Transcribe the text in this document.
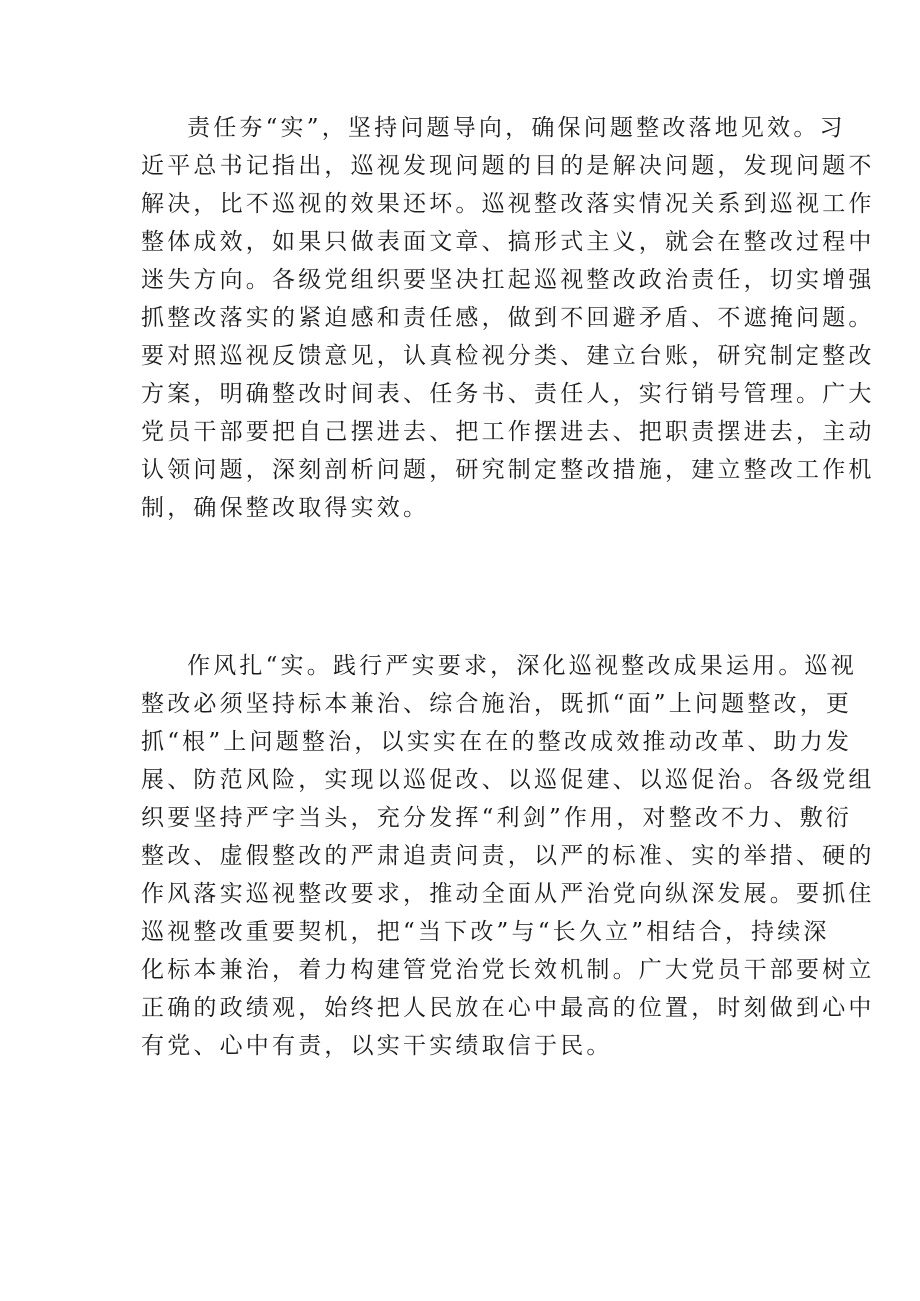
责任夯“实”，坚持问题导向，确保问题整改落地见效。习
近平总书记指出，巡视发现问题的目的是解决问题，发现问题不
解决，比不巡视的效果还坏。巡视整改落实情况关系到巡视工作
整体成效，如果只做表面文章、搞形式主义，就会在整改过程中
迷失方向。各级党组织要坚决扛起巡视整改政治责任，切实增强
抓整改落实的紧迫感和责任感，做到不回避矛盾、不遮掩问题。
要对照巡视反馈意见，认真检视分类、建立台账，研究制定整改
方案，明确整改时间表、任务书、责任人，实行销号管理。广大
党员干部要把自己摆进去、把工作摆进去、把职责摆进去，主动
认领问题，深刻剖析问题，研究制定整改措施，建立整改工作机
制，确保整改取得实效。
作风扎“实。践行严实要求，深化巡视整改成果运用。巡视
整改必须坚持标本兼治、综合施治，既抓“面”上问题整改，更
抓“根”上问题整治，以实实在在的整改成效推动改革、助力发
展、防范风险，实现以巡促改、以巡促建、以巡促治。各级党组
织要坚持严字当头，充分发挥“利剑”作用，对整改不力、敷衍
整改、虚假整改的严肃追责问责，以严的标准、实的举措、硬的
作风落实巡视整改要求，推动全面从严治党向纵深发展。要抓住
巡视整改重要契机，把“当下改”与“长久立”相结合，持续深
化标本兼治，着力构建管党治党长效机制。广大党员干部要树立
正确的政绩观，始终把人民放在心中最高的位置，时刻做到心中
有党、心中有责，以实干实绩取信于民。
